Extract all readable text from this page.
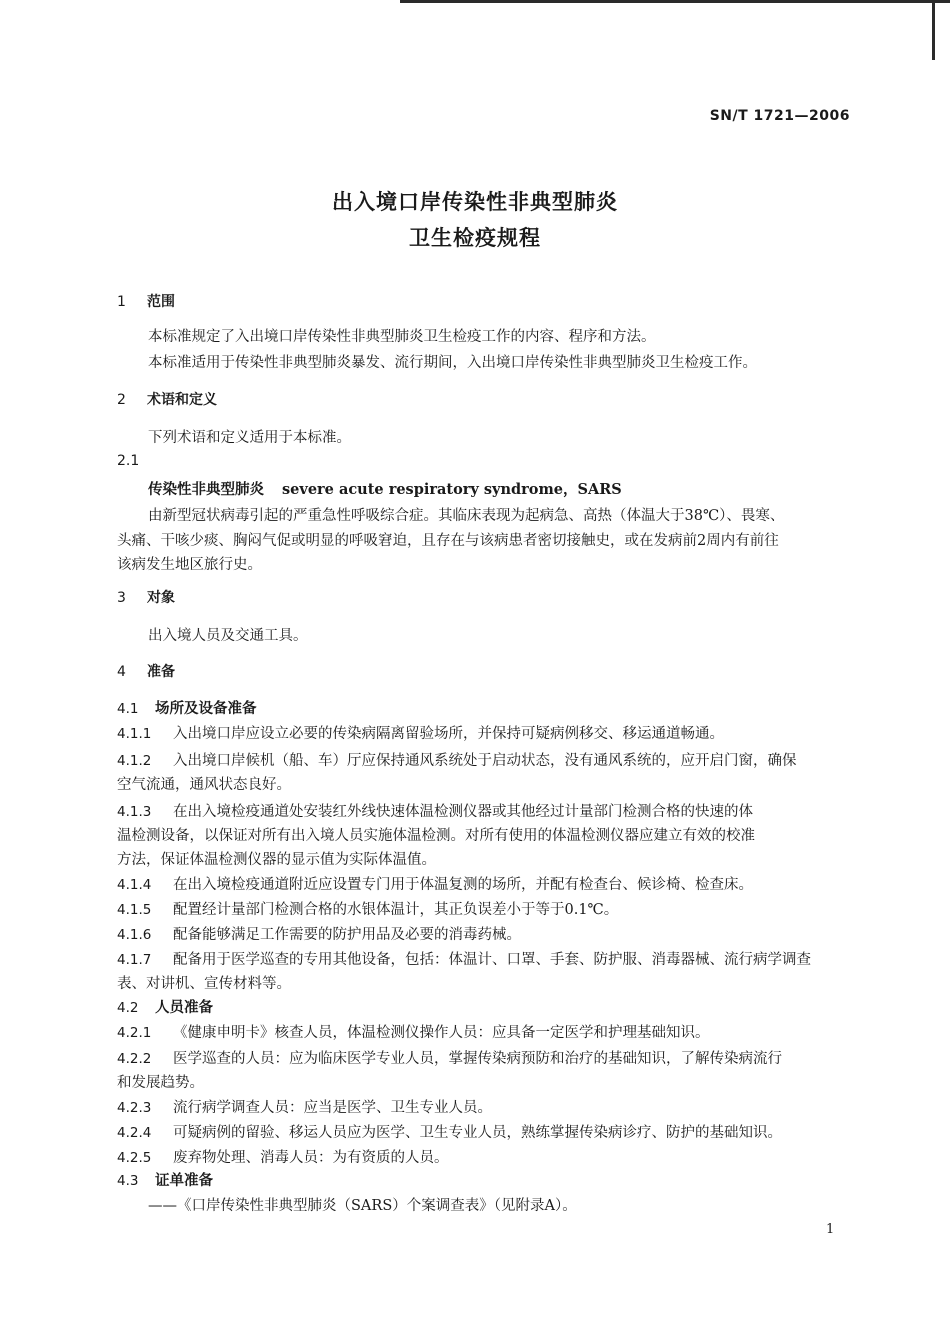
SN/T 1721—2006
出入境口岸传染性非典型肺炎
卫生检疫规程
1 范围
本标准规定了入出境口岸传染性非典型肺炎卫生检疫工作的内容、程序和方法。
本标准适用于传染性非典型肺炎暴发、流行期间，入出境口岸传染性非典型肺炎卫生检疫工作。
2 术语和定义
下列术语和定义适用于本标准。
2.1
传染性非典型肺炎 severe acute respiratory syndrome，SARS
由新型冠状病毒引起的严重急性呼吸综合症。其临床表现为起病急、高热（体温大于38℃）、畏寒、
头痛、干咳少痰、胸闷气促或明显的呼吸窘迫，且存在与该病患者密切接触史，或在发病前2周内有前往
该病发生地区旅行史。
3 对象
出入境人员及交通工具。
4 准备
4.1 场所及设备准备
4.1.1 入出境口岸应设立必要的传染病隔离留验场所，并保持可疑病例移交、移运通道畅通。
4.1.2 入出境口岸候机（船、车）厅应保持通风系统处于启动状态，没有通风系统的，应开启门窗，确保
空气流通，通风状态良好。
4.1.3 在出入境检疫通道处安装红外线快速体温检测仪器或其他经过计量部门检测合格的快速的体
温检测设备，以保证对所有出入境人员实施体温检测。对所有使用的体温检测仪器应建立有效的校准
方法，保证体温检测仪器的显示值为实际体温值。
4.1.4 在出入境检疫通道附近应设置专门用于体温复测的场所，并配有检查台、候诊椅、检查床。
4.1.5 配置经计量部门检测合格的水银体温计，其正负误差小于等于0.1℃。
4.1.6 配备能够满足工作需要的防护用品及必要的消毒药械。
4.1.7 配备用于医学巡查的专用其他设备，包括：体温计、口罩、手套、防护服、消毒器械、流行病学调查
表、对讲机、宣传材料等。
4.2 人员准备
4.2.1 《健康申明卡》核查人员，体温检测仪操作人员：应具备一定医学和护理基础知识。
4.2.2 医学巡查的人员：应为临床医学专业人员，掌握传染病预防和治疗的基础知识，了解传染病流行
和发展趋势。
4.2.3 流行病学调查人员：应当是医学、卫生专业人员。
4.2.4 可疑病例的留验、移运人员应为医学、卫生专业人员，熟练掌握传染病诊疗、防护的基础知识。
4.2.5 废弃物处理、消毒人员：为有资质的人员。
4.3 证单准备
——《口岸传染性非典型肺炎（SARS）个案调查表》（见附录A）。
1
